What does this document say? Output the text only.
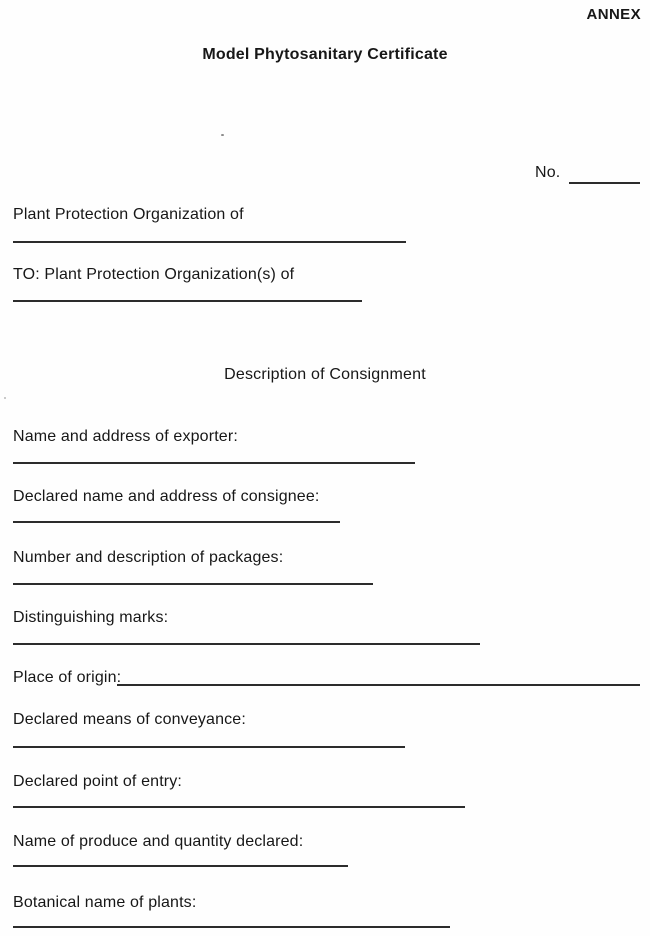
ANNEX
Model Phytosanitary Certificate
No.
Plant Protection Organization of
TO: Plant Protection Organization(s) of
Description of Consignment
Name and address of exporter:
Declared name and address of consignee:
Number and description of packages:
Distinguishing marks:
Place of origin:
Declared means of conveyance:
Declared point of entry:
Name of produce and quantity declared:
Botanical name of plants:
